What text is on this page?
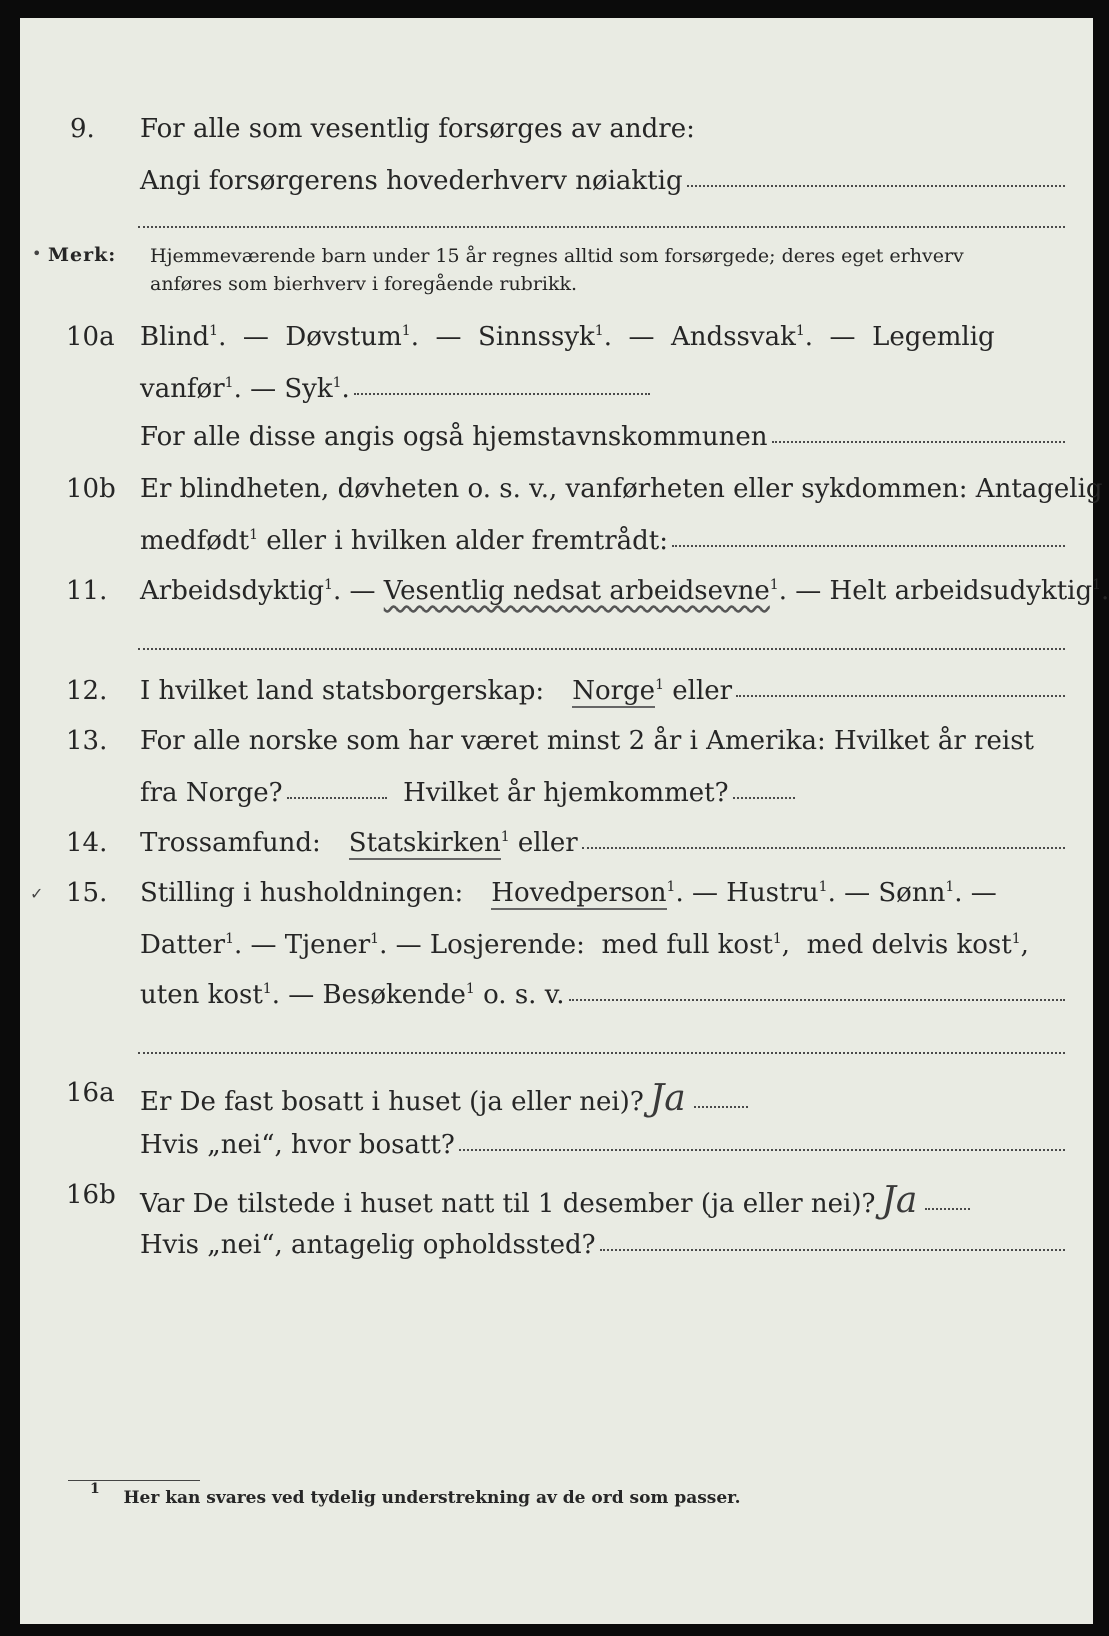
9. For alle som vesentlig forsørges av andre:
Angi forsørgerens hovederhverv nøiaktig
• Merk: Hjemmeværende barn under 15 år regnes alltid som forsørgede; deres eget erhverv
anføres som bierhverv i foregående rubrikk.
10a Blind$^1$. — Døvstum$^1$. — Sinnssyk$^1$. — Andssvak$^1$. — Legemlig
vanfør$^1$. — Syk$^1$.
For alle disse angis også hjemstavnskommunen
10b Er blindheten, døvheten o. s. v., vanførheten eller sykdommen: Antagelig
medfødt$^1$
eller i hvilken alder fremtrådt:
11. Arbeidsdyktig$^1$. — Vesentlig nedsat arbeidsevne$^1$. — Helt arbeidsudyktig$^1$.
12. I hvilket land statsborgerskap: Norge$^1$
eller
13. For alle norske som har været minst 2 år i Amerika: Hvilket år reist
fra Norge?
	Hvilket år hjemkommet?
14. Trossamfund: Statskirken$^1$
eller
✓ 15. Stilling i husholdningen: Hovedperson$^1$. — Hustru$^1$. — Sønn$^1$. —
Datter$^1$. — Tjener$^1$. — Losjerende:
med full kost$^1$,
med delvis kost$^1$,
uten kost$^1$. — Besøkende$^1$
o. s. v.
16a Er De fast bosatt i huset (ja eller nei)? Ja
Hvis „nei“, hvor bosatt?
16b Var De tilstede i huset natt til 1 desember (ja eller nei)? Ja
Hvis „nei“, antagelig opholdssted?
$^1$ Her kan svares ved tydelig understrekning av de ord som passer.
